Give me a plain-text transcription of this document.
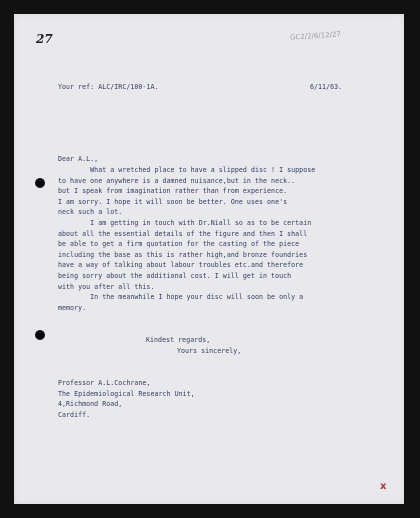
27	GC2/2/6/12/27
Your ref: ALC/IRC/100-1A.	6/11/63.
Dear A.L.,
What a wretched place to have a slipped disc ! I suppose
to have one anywhere is a damned nuisance,but in the neck..
but I speak from imagination rather than from experience.
I am sorry. I hope it will soon be better. One uses one's
neck such a lot.
I am getting in touch with Dr.Niall so as to be certain
about all the essential details of the figure and then I shall
be able to get a firm quotation for the casting of the piece
including the base as this is rather high,and bronze foundries
have a way of talking about labour troubles etc.and therefore
being sorry about the additional cost. I will get in touch
with you after all this.
In the meanwhile I hope your disc will soon be only a
memory.
Kindest regards,
Yours sincerely,
Professor A.L.Cochrane,
The Epidemiological Research Unit,
4,Richmond Road,
Cardiff.
x
